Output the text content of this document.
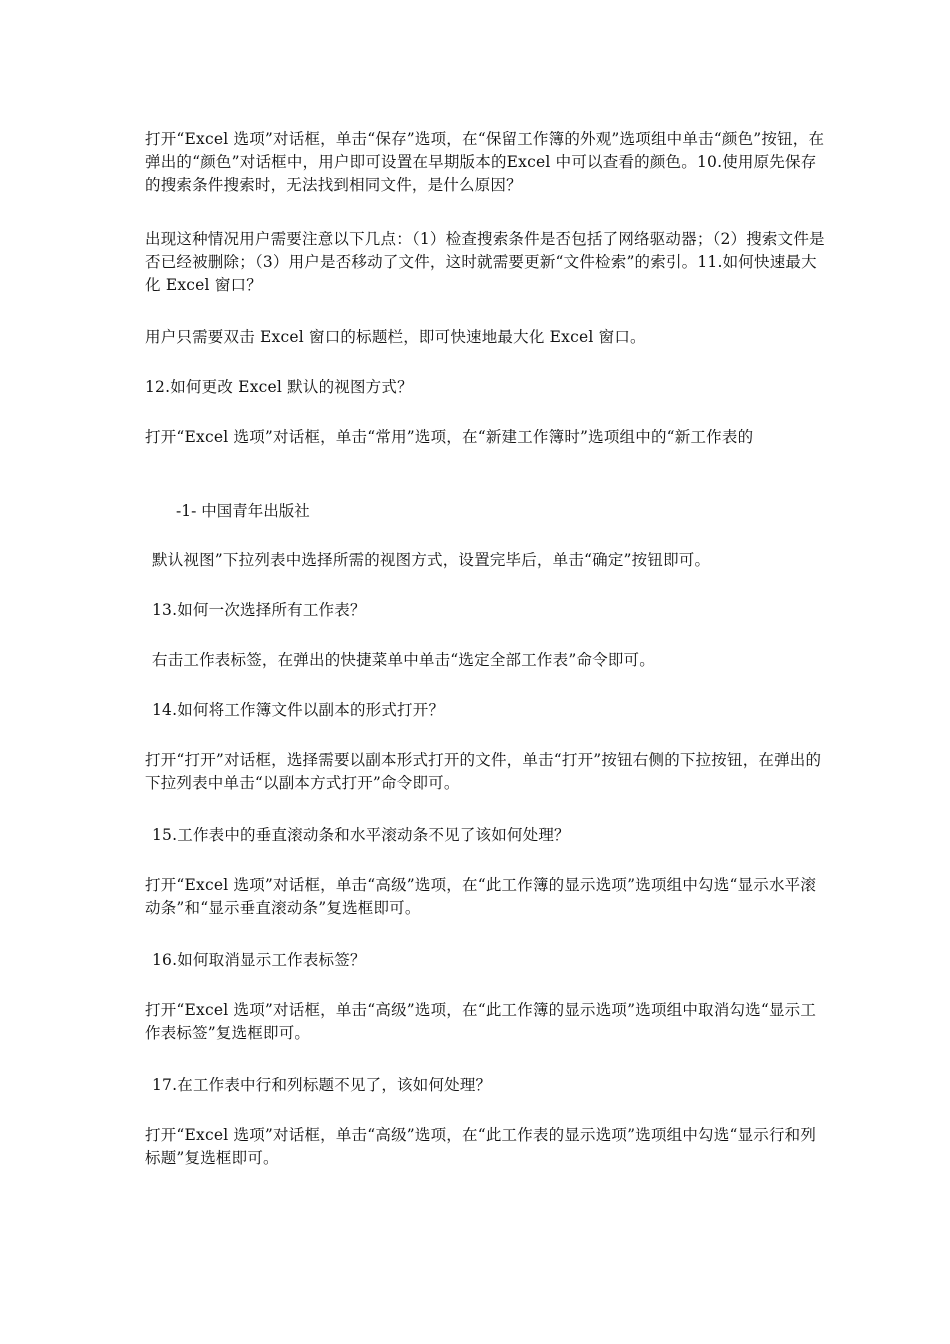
打开“Excel 选项”对话框，单击“保存”选项，在“保留工作簿的外观”选项组中单击“颜色”按钮，在弹出的“颜色”对话框中，用户即可设置在早期版本的Excel 中可以查看的颜色。10.使用原先保存的搜索条件搜索时，无法找到相同文件，是什么原因？

出现这种情况用户需要注意以下几点：（1）检查搜索条件是否包括了网络驱动器；（2）搜索文件是否已经被删除；（3）用户是否移动了文件，这时就需要更新“文件检索”的索引。11.如何快速最大化 Excel 窗口？

用户只需要双击 Excel 窗口的标题栏，即可快速地最大化 Excel 窗口。

12.如何更改 Excel 默认的视图方式？

打开“Excel 选项”对话框，单击“常用”选项，在“新建工作簿时”选项组中的“新工作表的

-1- 中国青年出版社

默认视图”下拉列表中选择所需的视图方式，设置完毕后，单击“确定”按钮即可。

13.如何一次选择所有工作表？

右击工作表标签，在弹出的快捷菜单中单击“选定全部工作表”命令即可。

14.如何将工作簿文件以副本的形式打开？

打开“打开”对话框，选择需要以副本形式打开的文件，单击“打开”按钮右侧的下拉按钮，在弹出的下拉列表中单击“以副本方式打开”命令即可。

15.工作表中的垂直滚动条和水平滚动条不见了该如何处理？

打开“Excel 选项”对话框，单击“高级”选项，在“此工作簿的显示选项”选项组中勾选“显示水平滚动条”和“显示垂直滚动条”复选框即可。

16.如何取消显示工作表标签？

打开“Excel 选项”对话框，单击“高级”选项，在“此工作簿的显示选项”选项组中取消勾选“显示工作表标签”复选框即可。

17.在工作表中行和列标题不见了，该如何处理？

打开“Excel 选项”对话框，单击“高级”选项，在“此工作表的显示选项”选项组中勾选“显示行和列标题”复选框即可。
